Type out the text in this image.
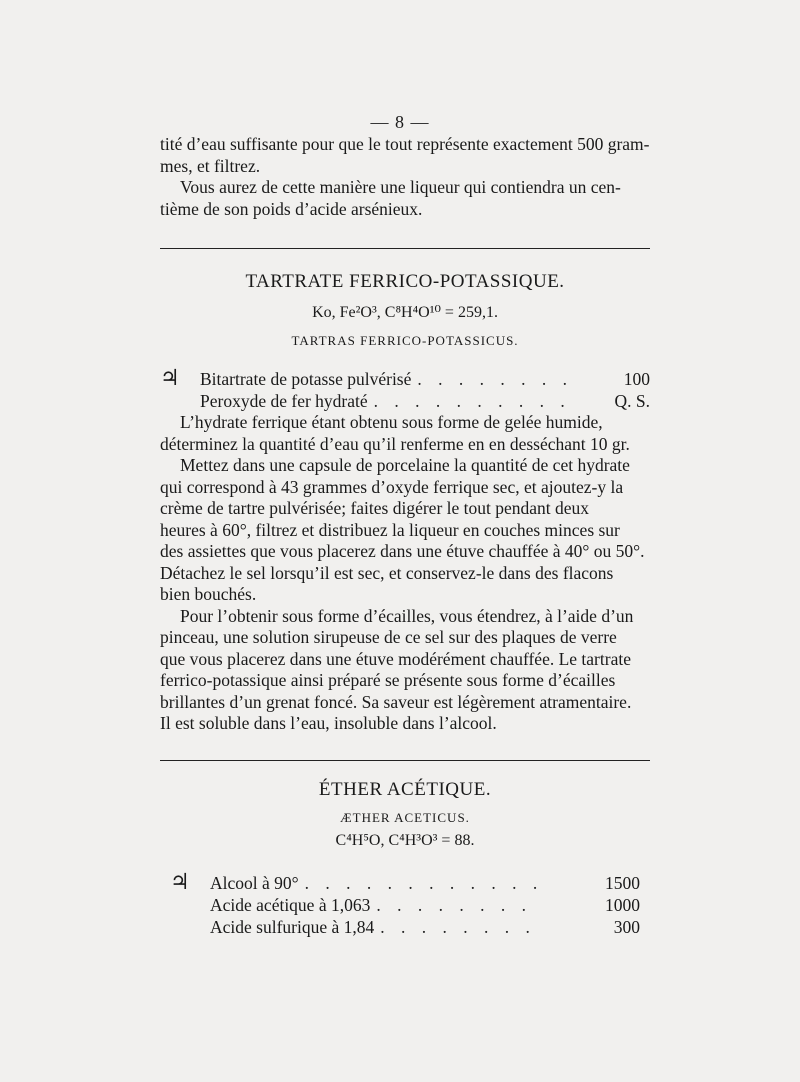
— 8 —
tité d’eau suffisante pour que le tout représente exactement 500 gram-
mes, et filtrez.
Vous aurez de cette manière une liqueur qui contiendra un cen-
tième de son poids d’acide arsénieux.
TARTRATE FERRICO-POTASSIQUE.
Ko, Fe²O³, C⁸H⁴O¹⁰ = 259,1.
TARTRAS FERRICO-POTASSICUS.
♃	Bitartrate de potasse pulvérisé . . . . . . . .	100
Peroxyde de fer hydraté . . . . . . . . . .	Q. S.
L’hydrate ferrique étant obtenu sous forme de gelée humide,
déterminez la quantité d’eau qu’il renferme en en desséchant 10 gr.
Mettez dans une capsule de porcelaine la quantité de cet hydrate
qui correspond à 43 grammes d’oxyde ferrique sec, et ajoutez-y la
crème de tartre pulvérisée; faites digérer le tout pendant deux
heures à 60°, filtrez et distribuez la liqueur en couches minces sur
des assiettes que vous placerez dans une étuve chauffée à 40° ou 50°.
Détachez le sel lorsqu’il est sec, et conservez-le dans des flacons
bien bouchés.
Pour l’obtenir sous forme d’écailles, vous étendrez, à l’aide d’un
pinceau, une solution sirupeuse de ce sel sur des plaques de verre
que vous placerez dans une étuve modérément chauffée. Le tartrate
ferrico-potassique ainsi préparé se présente sous forme d’écailles
brillantes d’un grenat foncé. Sa saveur est légèrement atramentaire.
Il est soluble dans l’eau, insoluble dans l’alcool.
ÉTHER ACÉTIQUE.
ÆTHER ACETICUS.
C⁴H⁵O, C⁴H³O³ = 88.
♃	Alcool à 90° . . . . . . . . . . . .	1500
Acide acétique à 1,063 . . . . . . . .	1000
Acide sulfurique à 1,84 . . . . . . . .	300
